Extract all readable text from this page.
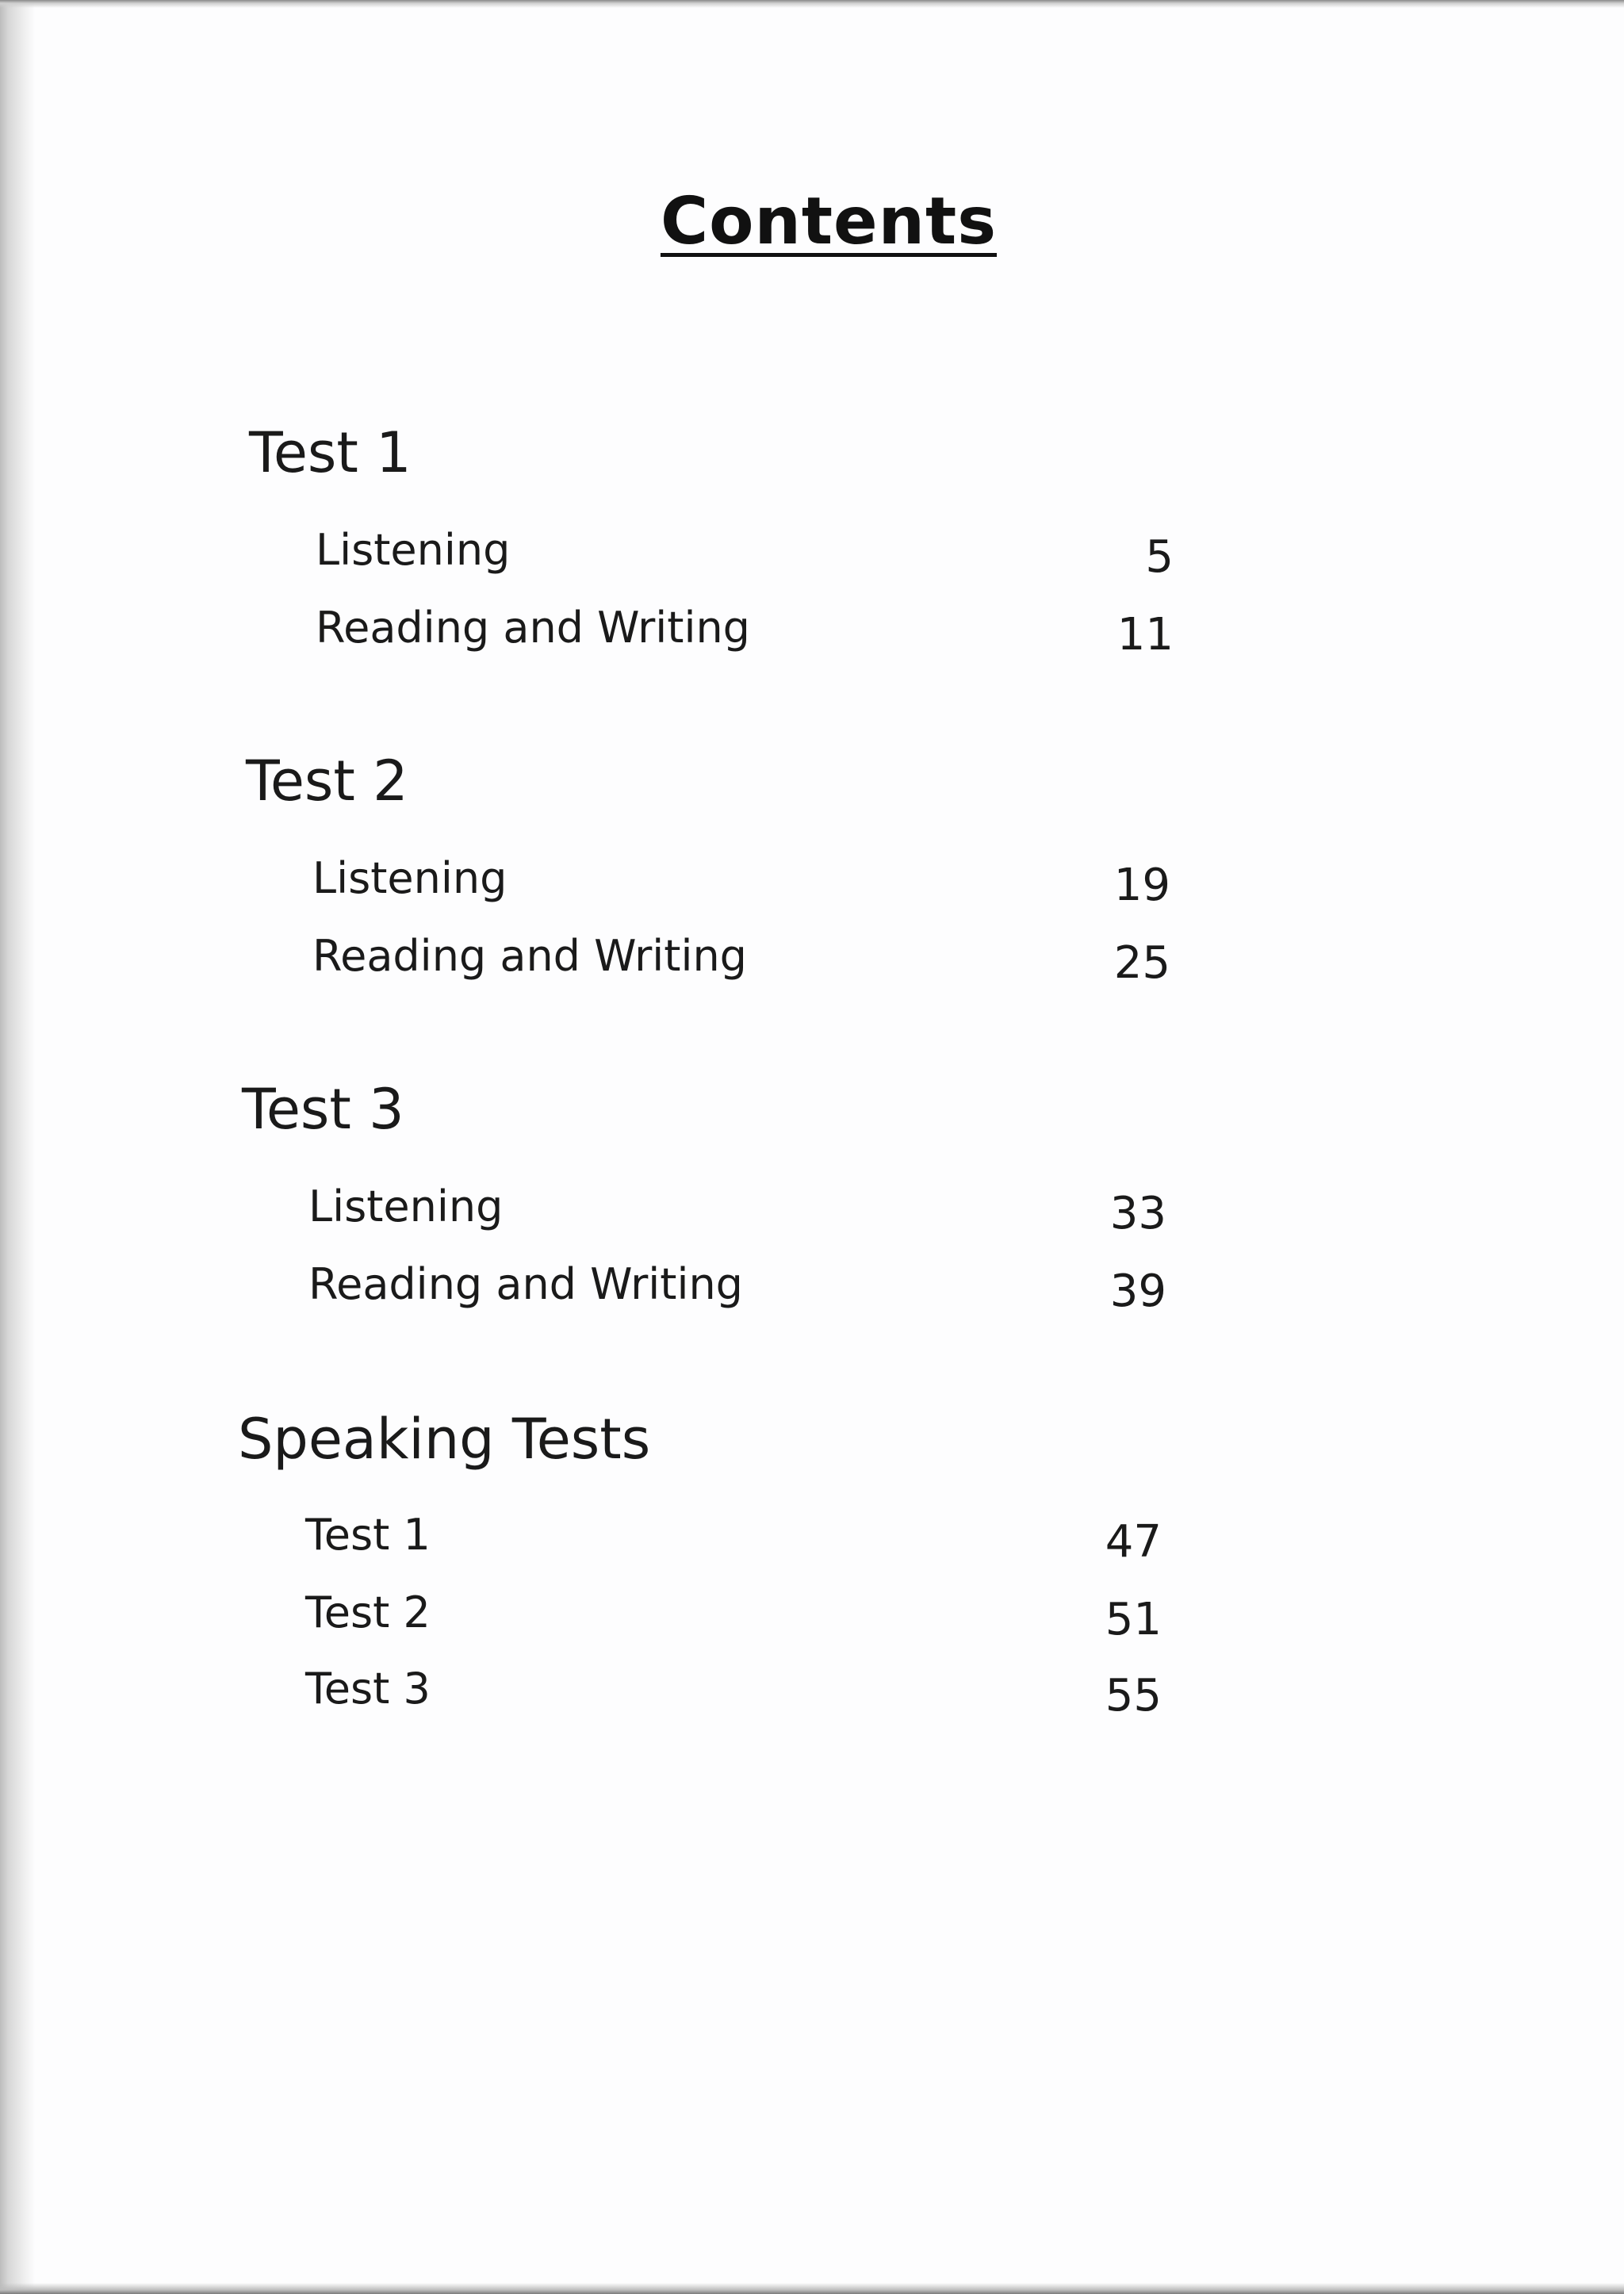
Contents
Test 1
Listening	5
Reading and Writing	11
Test 2
Listening	19
Reading and Writing	25
Test 3
Listening	33
Reading and Writing	39
Speaking Tests
Test 1	47
Test 2	51
Test 3	55
